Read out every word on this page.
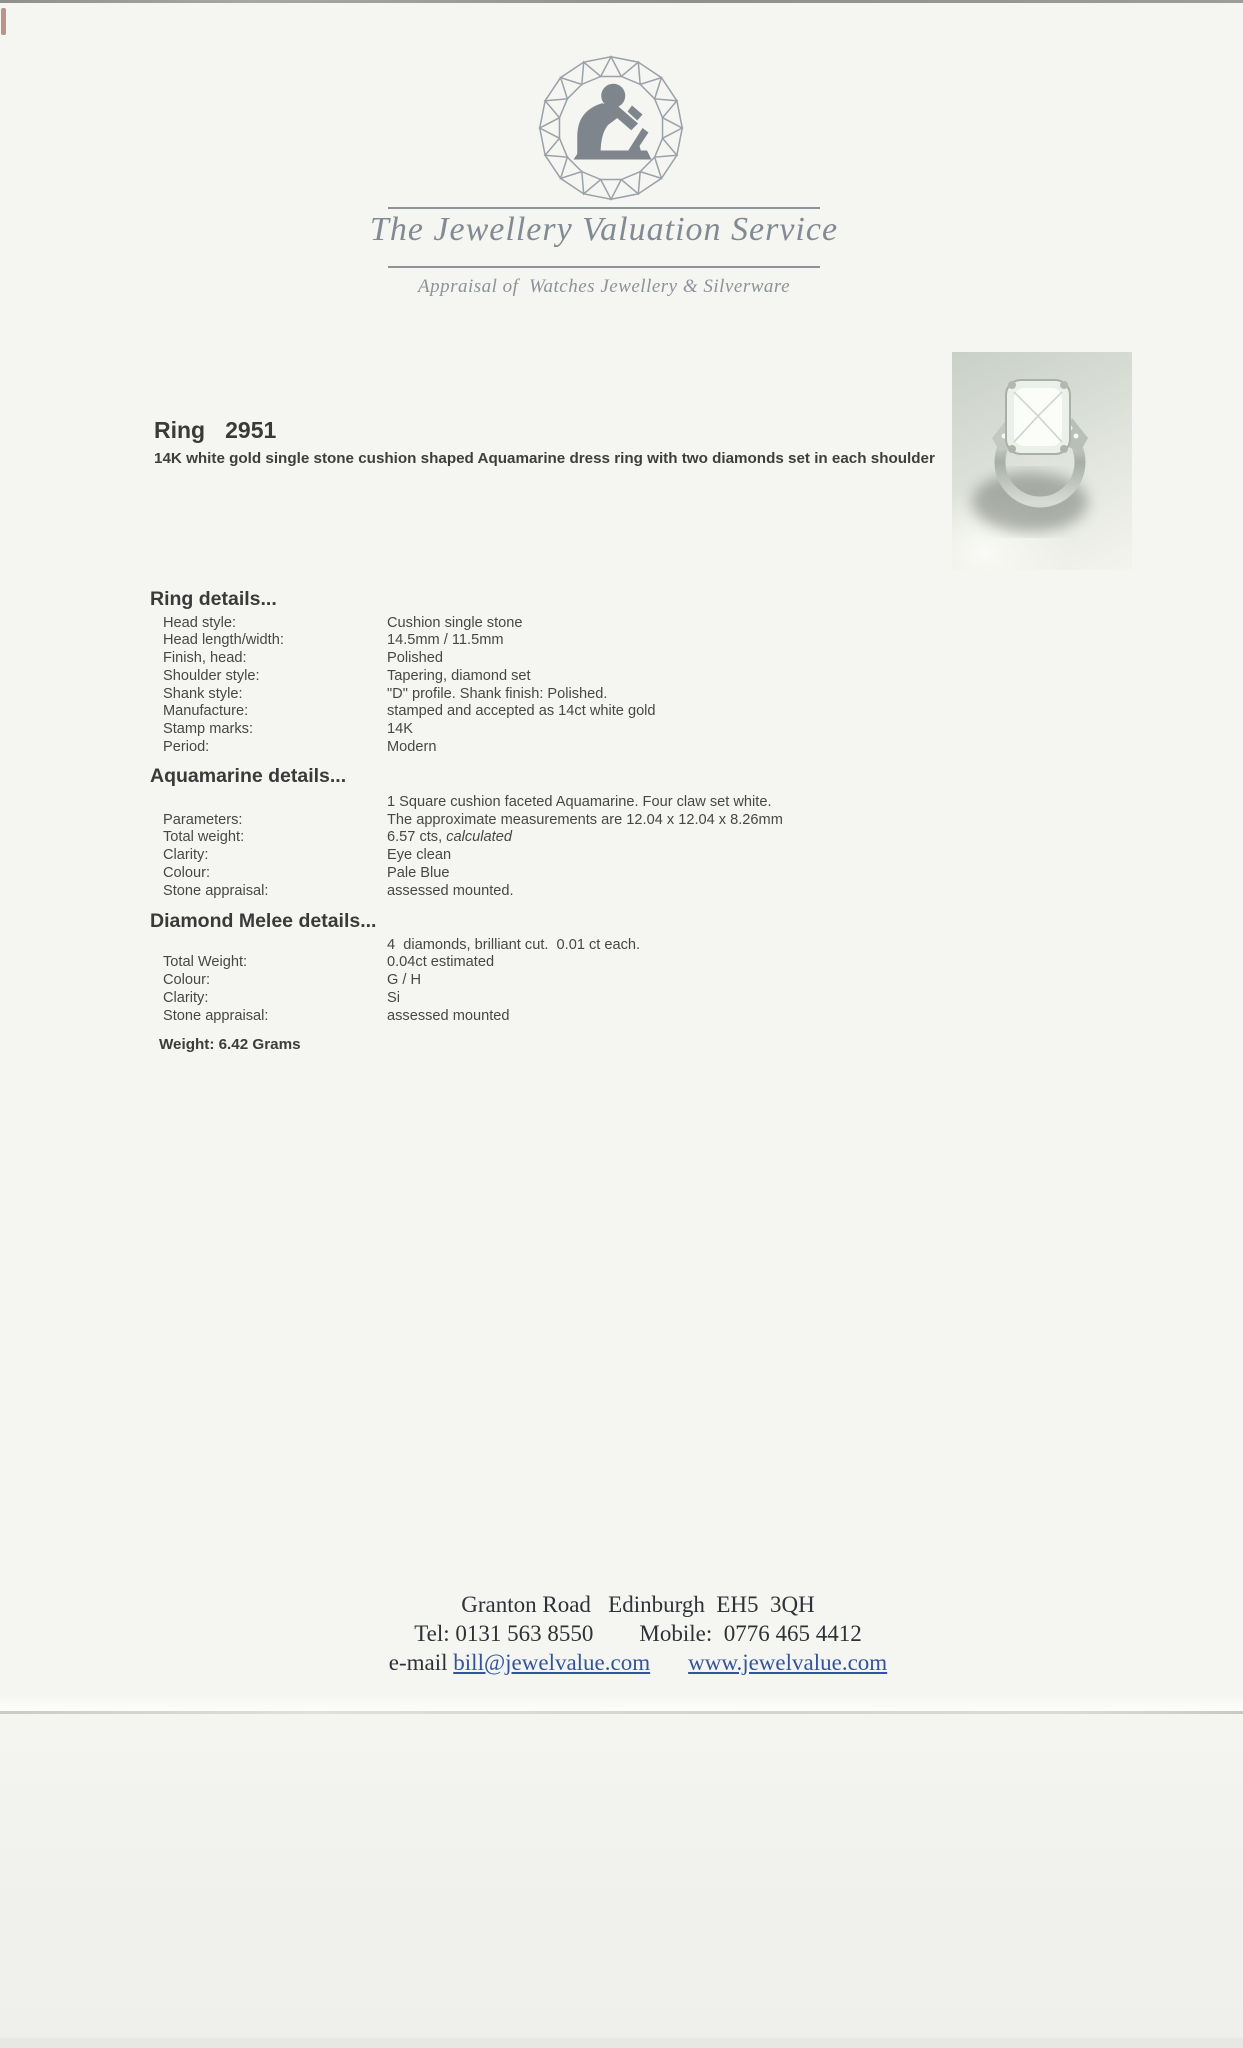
The Jewellery Valuation Service
Appraisal of  Watches Jewellery & Silverware
Ring 2951
14K white gold single stone cushion shaped Aquamarine dress ring with two diamonds set in each shoulder
Ring details...
Head style:	Cushion single stone
Head length/width:	14.5mm / 11.5mm
Finish, head:	Polished
Shoulder style:	Tapering, diamond set
Shank style:	"D" profile. Shank finish: Polished.
Manufacture:	stamped and accepted as 14ct white gold
Stamp marks:	14K
Period:	Modern
Aquamarine details...
1 Square cushion faceted Aquamarine. Four claw set white.
Parameters:	The approximate measurements are 12.04 x 12.04 x 8.26mm
Total weight:	6.57 cts, calculated
Clarity:	Eye clean
Colour:	Pale Blue
Stone appraisal:	assessed mounted.
Diamond Melee details...
4  diamonds, brilliant cut.  0.01 ct each.
Total Weight:	0.04ct estimated
Colour:	G / H
Clarity:	Si
Stone appraisal:	assessed mounted
Weight: 6.42 Grams
Granton Road   Edinburgh  EH5  3QH
Tel: 0131 563 8550        Mobile:  0776 465 4412
e-mail bill@jewelvalue.com www.jewelvalue.com
